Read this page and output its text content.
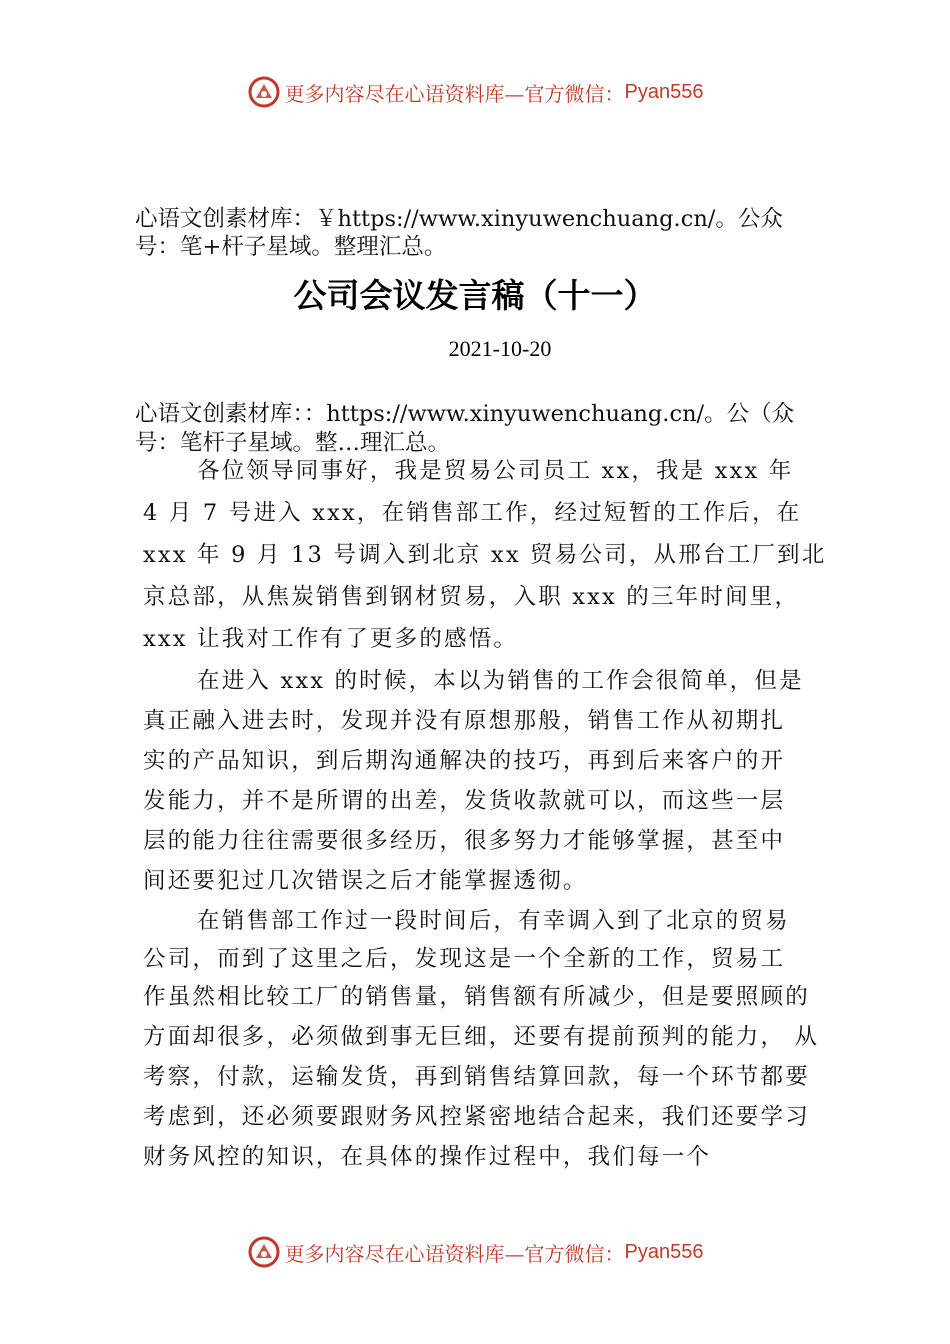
更多内容尽在心语资料库—官方微信： Pyan556
心语文创素材库：￥https://www.xinyuwenchuang.cn/。公众
号：笔+杆子星域。整理汇总。
公司会议发言稿（十一）
2021-10-20
心语文创素材库：：https://www.xinyuwenchuang.cn/。公（众
号：笔杆子星域。整…理汇总。
各位领导同事好，我是贸易公司员工 xx，我是 xxx 年
4 月 7 号进入 xxx，在销售部工作，经过短暂的工作后，在
xxx 年 9 月 13 号调入到北京 xx 贸易公司，从邢台工厂到北
京总部，从焦炭销售到钢材贸易，入职 xxx 的三年时间里，
xxx 让我对工作有了更多的感悟。
在进入 xxx 的时候，本以为销售的工作会很简单，但是
真正融入进去时，发现并没有原想那般，销售工作从初期扎
实的产品知识，到后期沟通解决的技巧，再到后来客户的开
发能力，并不是所谓的出差，发货收款就可以，而这些一层
层的能力往往需要很多经历，很多努力才能够掌握，甚至中
间还要犯过几次错误之后才能掌握透彻。
在销售部工作过一段时间后，有幸调入到了北京的贸易
公司，而到了这里之后，发现这是一个全新的工作，贸易工
作虽然相比较工厂的销售量，销售额有所减少，但是要照顾的
方面却很多，必须做到事无巨细，还要有提前预判的能力， 从
考察，付款，运输发货，再到销售结算回款，每一个环节都要
考虑到，还必须要跟财务风控紧密地结合起来，我们还要学习
财务风控的知识，在具体的操作过程中，我们每一个
更多内容尽在心语资料库—官方微信： Pyan556
